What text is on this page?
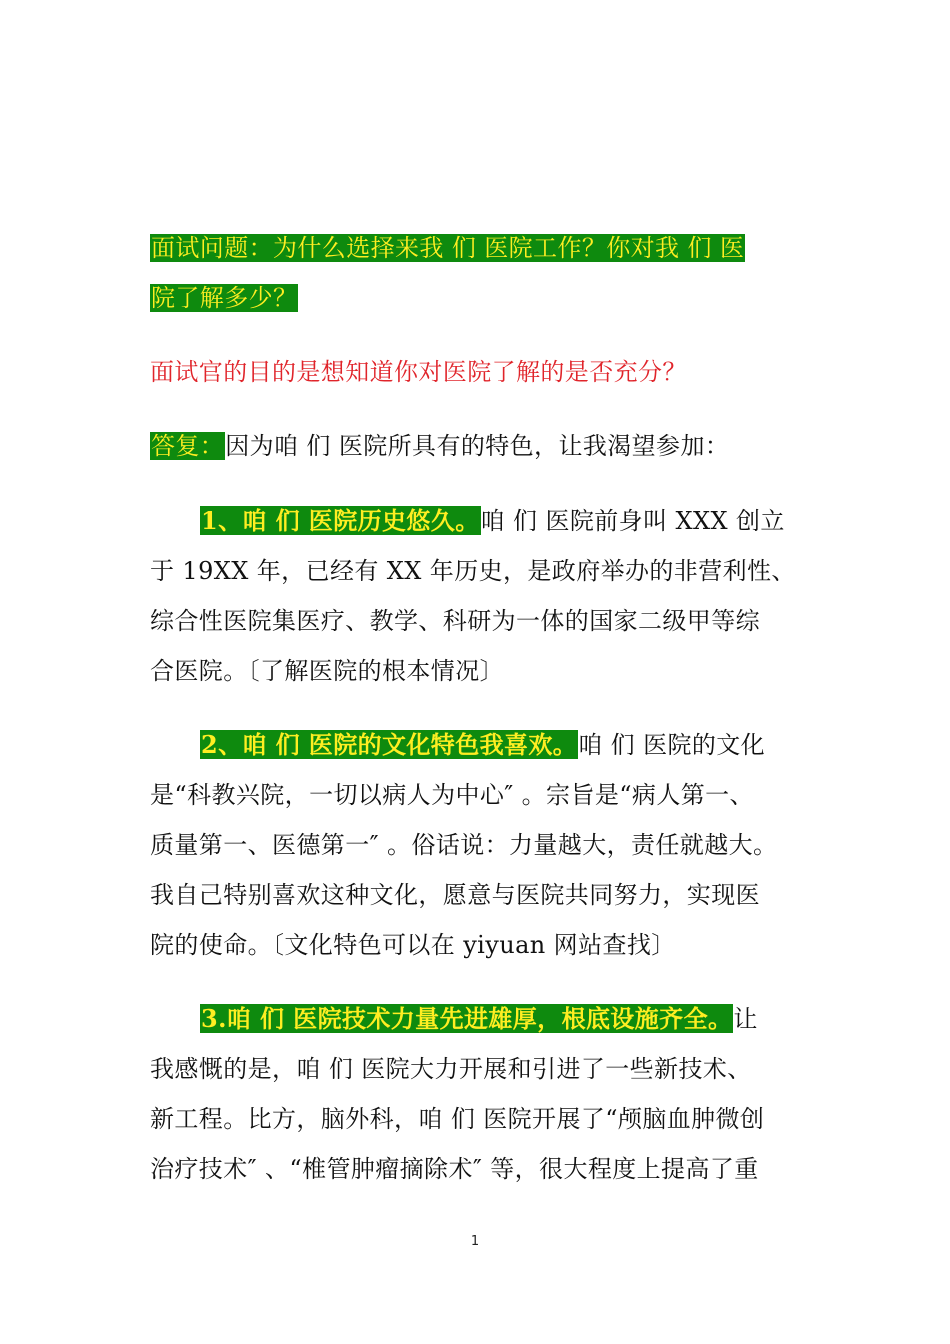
面试问题：为什么选择来我 们 医院工作？你对我 们 医
院了解多少？
面试官的目的是想知道你对医院了解的是否充分？
答复：因为咱 们 医院所具有的特色，让我渴望参加：
1、咱 们 医院历史悠久。咱 们 医院前身叫 XXX 创立
于 19XX 年，已经有 XX 年历史，是政府举办的非营利性、
综合性医院集医疗、教学、科研为一体的国家二级甲等综
合医院。〔了解医院的根本情况〕
2、咱 们 医院的文化特色我喜欢。咱 们 医院的文化
是“科教兴院，一切以病人为中心″ 。宗旨是“病人第一、
质量第一、医德第一″ 。俗话说：力量越大，责任就越大。
我自己特别喜欢这种文化，愿意与医院共同努力，实现医
院的使命。〔文化特色可以在 yiyuan 网站查找〕
3.咱 们 医院技术力量先进雄厚，根底设施齐全。让
我感慨的是，咱 们 医院大力开展和引进了一些新技术、
新工程。比方，脑外科，咱 们 医院开展了“颅脑血肿微创
治疗技术″ 、“椎管肿瘤摘除术″ 等，很大程度上提高了重
1
